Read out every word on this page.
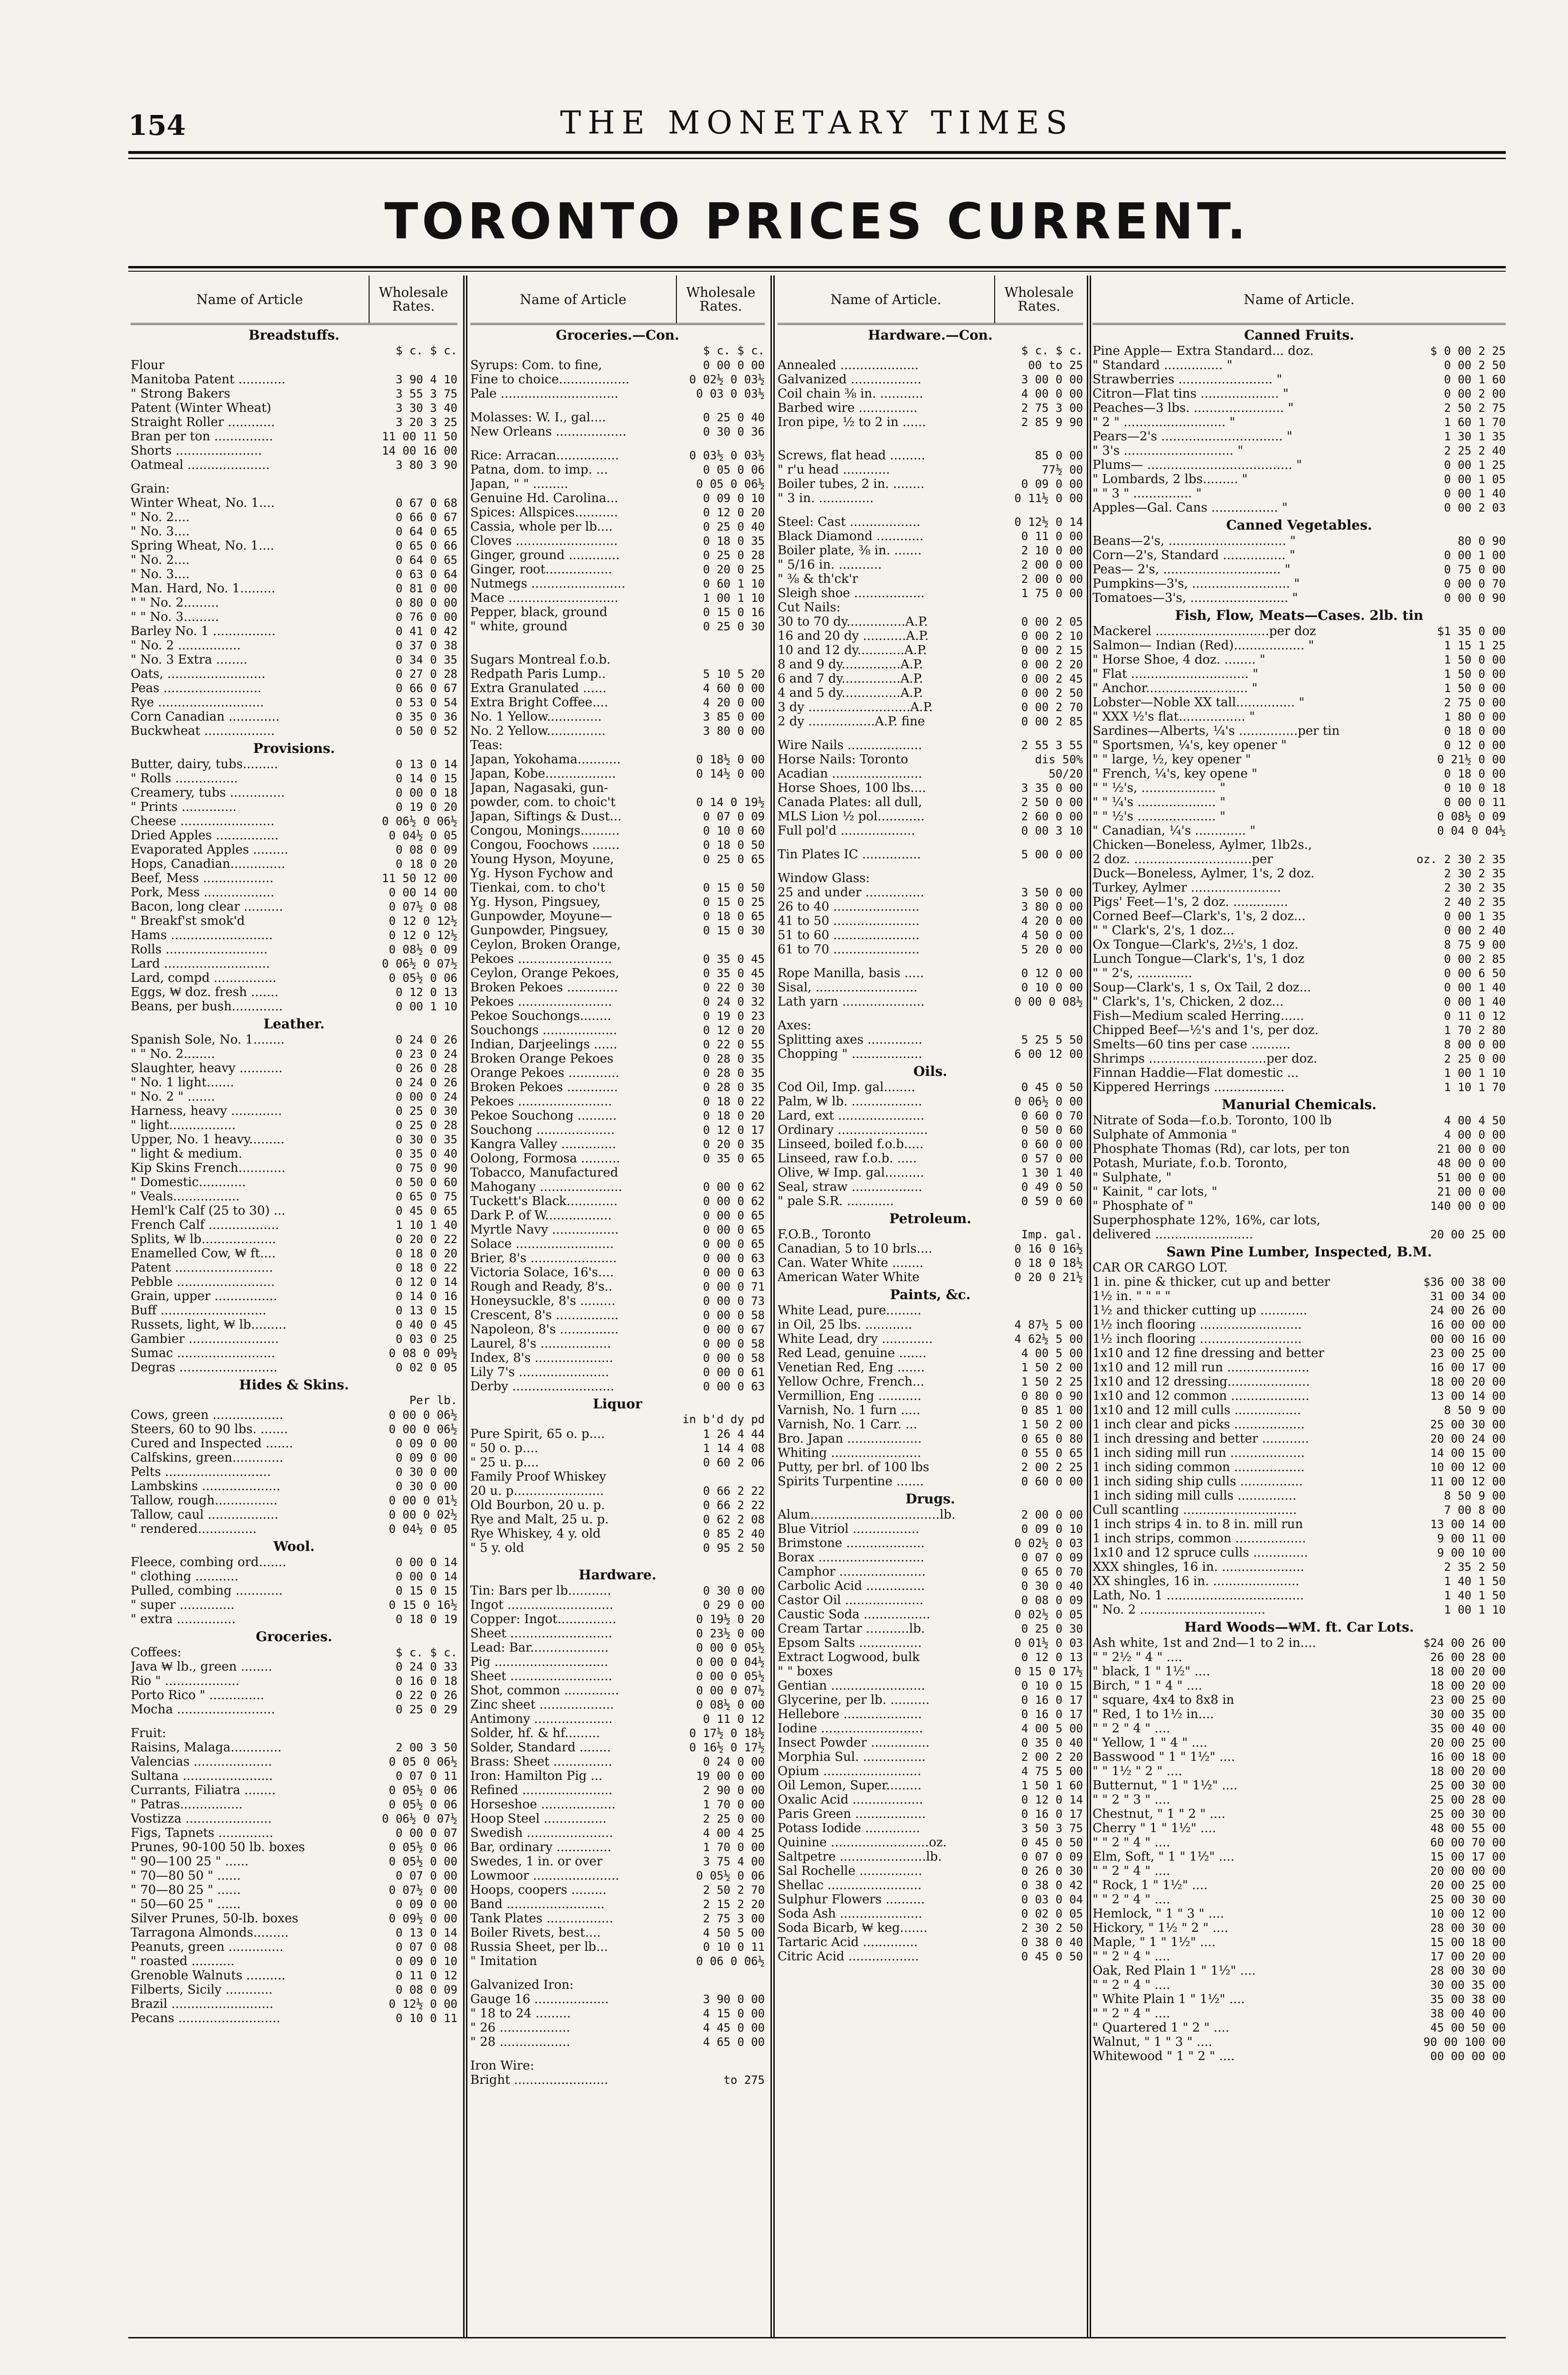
154	THE MONETARY TIMES
TORONTO PRICES CURRENT.
Name of Article	Wholesale Rates.
Breadstuffs.
$ c. $ c.
Flour
Manitoba Patent ............	3 90 4 10
" Strong Bakers	3 55 3 75
Patent (Winter Wheat)	3 30 3 40
Straight Roller ............	3 20 3 25
Bran per ton ...............	11 00 11 50
Shorts ......................	14 00 16 00
Oatmeal .....................	3 80 3 90
Grain:
Winter Wheat, No. 1....	0 67 0 68
" No. 2....	0 66 0 67
" No. 3....	0 64 0 65
Spring Wheat, No. 1....	0 65 0 66
" No. 2....	0 64 0 65
" No. 3....	0 63 0 64
Man. Hard, No. 1.........	0 81 0 00
" " No. 2.........	0 80 0 00
" " No. 3.........	0 76 0 00
Barley No. 1 ................	0 41 0 42
" No. 2 ................	0 37 0 38
" No. 3 Extra ........	0 34 0 35
Oats, .........................	0 27 0 28
Peas .........................	0 66 0 67
Rye ...........................	0 53 0 54
Corn Canadian .............	0 35 0 36
Buckwheat ..................	0 50 0 52
Provisions.
Butter, dairy, tubs.........	0 13 0 14
" Rolls ................	0 14 0 15
Creamery, tubs ..............	0 00 0 18
" Prints ..............	0 19 0 20
Cheese ........................	0 06½ 0 06½
Dried Apples ................	0 04½ 0 05
Evaporated Apples .........	0 08 0 09
Hops, Canadian..............	0 18 0 20
Beef, Mess ..................	11 50 12 00
Pork, Mess ..................	0 00 14 00
Bacon, long clear ..........	0 07½ 0 08
" Breakf'st smok'd	0 12 0 12½
Hams ..........................	0 12 0 12½
Rolls ..........................	0 08½ 0 09
Lard ...........................	0 06½ 0 07½
Lard, compd ................	0 05½ 0 06
Eggs, ₩ doz. fresh .......	0 12 0 13
Beans, per bush.............	0 00 1 10
Leather.
Spanish Sole, No. 1........	0 24 0 26
" " No. 2........	0 23 0 24
Slaughter, heavy ...........	0 26 0 28
" No. 1 light.......	0 24 0 26
" No. 2 " .......	0 00 0 24
Harness, heavy .............	0 25 0 30
" light.................	0 25 0 28
Upper, No. 1 heavy.........	0 30 0 35
" light & medium.	0 35 0 40
Kip Skins French............	0 75 0 90
" Domestic............	0 50 0 60
" Veals.................	0 65 0 75
Heml'k Calf (25 to 30) ...	0 45 0 65
French Calf ..................	1 10 1 40
Splits, ₩ lb...................	0 20 0 22
Enamelled Cow, ₩ ft....	0 18 0 20
Patent .........................	0 18 0 22
Pebble .........................	0 12 0 14
Grain, upper ................	0 14 0 16
Buff ...........................	0 13 0 15
Russets, light, ₩ lb.........	0 40 0 45
Gambier .......................	0 03 0 25
Sumac .........................	0 08 0 09½
Degras .........................	0 02 0 05
Hides & Skins.
Per lb.
Cows, green ..................	0 00 0 06½
Steers, 60 to 90 lbs. .......	0 00 0 06½
Cured and Inspected .......	0 09 0 00
Calfskins, green.............	0 09 0 00
Pelts ...........................	0 30 0 00
Lambskins ....................	0 30 0 00
Tallow, rough................	0 00 0 01½
Tallow, caul ..................	0 00 0 02½
" rendered...............	0 04½ 0 05
Wool.
Fleece, combing ord.......	0 00 0 14
" clothing ...........	0 00 0 14
Pulled, combing ............	0 15 0 15
" super ..............	0 15 0 16½
" extra ...............	0 18 0 19
Groceries.
Coffees:	$ c. $ c.
Java ₩ lb., green ........	0 24 0 33
Rio " ...................	0 16 0 18
Porto Rico " ..............	0 22 0 26
Mocha .........................	0 25 0 29
Fruit:
Raisins, Malaga.............	2 00 3 50
Valencias ....................	0 05 0 06½
Sultana .......................	0 07 0 11
Currants, Filiatra ........	0 05½ 0 06
" Patras................	0 05½ 0 06
Vostizza ......................	0 06½ 0 07½
Figs, Tapnets ..............	0 00 0 07
Prunes, 90-100 50 lb. boxes	0 05½ 0 06
" 90—100 25 " ......	0 05½ 0 00
" 70—80 50 " ......	0 07 0 00
" 70—80 25 " ......	0 07½ 0 00
" 50—60 25 " ......	0 09 0 00
Silver Prunes, 50-lb. boxes	0 09½ 0 00
Tarragona Almonds.........	0 13 0 14
Peanuts, green ..............	0 07 0 08
" roasted ...........	0 09 0 10
Grenoble Walnuts ..........	0 11 0 12
Filberts, Sicily ............	0 08 0 09
Brazil ..........................	0 12½ 0 00
Pecans ..........................	0 10 0 11
Name of Article	Wholesale Rates.
Groceries.—Con.
$ c. $ c.
Syrups: Com. to fine,	0 00 0 00
Fine to choice..................	0 02½ 0 03½
Pale ..............................	0 03 0 03½
Molasses: W. I., gal....	0 25 0 40
New Orleans ..................	0 30 0 36
Rice: Arracan................	0 03½ 0 03½
Patna, dom. to imp. ...	0 05 0 06
Japan, " " .........	0 05 0 06½
Genuine Hd. Carolina...	0 09 0 10
Spices: Allspices...........	0 12 0 20
Cassia, whole per lb....	0 25 0 40
Cloves ..........................	0 18 0 35
Ginger, ground .............	0 25 0 28
Ginger, root.................	0 20 0 25
Nutmegs ........................	0 60 1 10
Mace ............................	1 00 1 10
Pepper, black, ground	0 15 0 16
" white, ground	0 25 0 30
Sugars Montreal f.o.b.
Redpath Paris Lump..	5 10 5 20
Extra Granulated ......	4 60 0 00
Extra Bright Coffee....	4 20 0 00
No. 1 Yellow..............	3 85 0 00
No. 2 Yellow...............	3 80 0 00
Teas:
Japan, Yokohama...........	0 18½ 0 00
Japan, Kobe..................	0 14½ 0 00
Japan, Nagasaki, gun-
powder, com. to choic't	0 14 0 19½
Japan, Siftings & Dust...	0 07 0 09
Congou, Monings..........	0 10 0 60
Congou, Foochows .......	0 18 0 50
Young Hyson, Moyune,	0 25 0 65
Yg. Hyson Fychow and
Tienkai, com. to cho't	0 15 0 50
Yg. Hyson, Pingsuey,	0 15 0 25
Gunpowder, Moyune—	0 18 0 65
Gunpowder, Pingsuey,	0 15 0 30
Ceylon, Broken Orange,
Pekoes ........................	0 35 0 45
Ceylon, Orange Pekoes,	0 35 0 45
Broken Pekoes .............	0 22 0 30
Pekoes ........................	0 24 0 32
Pekoe Souchongs........	0 19 0 23
Souchongs ...................	0 12 0 20
Indian, Darjeelings ......	0 22 0 55
Broken Orange Pekoes	0 28 0 35
Orange Pekoes .............	0 28 0 35
Broken Pekoes .............	0 28 0 35
Pekoes ........................	0 18 0 22
Pekoe Souchong ..........	0 18 0 20
Souchong ....................	0 12 0 17
Kangra Valley ..............	0 20 0 35
Oolong, Formosa ..........	0 35 0 65
Tobacco, Manufactured
Mahogany .....................	0 00 0 62
Tuckett's Black.............	0 00 0 62
Dark P. of W.................	0 00 0 65
Myrtle Navy .................	0 00 0 65
Solace .........................	0 00 0 65
Brier, 8's ......................	0 00 0 63
Victoria Solace, 16's....	0 00 0 63
Rough and Ready, 8's..	0 00 0 71
Honeysuckle, 8's .........	0 00 0 73
Crescent, 8's ................	0 00 0 58
Napoleon, 8's ...............	0 00 0 67
Laurel, 8's ..................	0 00 0 58
Index, 8's ....................	0 00 0 58
Lily 7's .......................	0 00 0 61
Derby ..........................	0 00 0 63
Liquor
in b'd dy pd
Pure Spirit, 65 o. p....	1 26 4 44
" 50 o. p....	1 14 4 08
" 25 u. p....	0 60 2 06
Family Proof Whiskey
20 u. p.......................	0 66 2 22
Old Bourbon, 20 u. p.	0 66 2 22
Rye and Malt, 25 u. p.	0 62 2 08
Rye Whiskey, 4 y. old	0 85 2 40
" 5 y. old	0 95 2 50
Hardware.
Tin: Bars per lb...........	0 30 0 00
Ingot ...........................	0 29 0 00
Copper: Ingot...............	0 19½ 0 20
Sheet ..........................	0 23½ 0 00
Lead: Bar....................	0 00 0 05½
Pig .............................	0 00 0 04½
Sheet ..........................	0 00 0 05½
Shot, common ..............	0 00 0 07½
Zinc sheet ...................	0 08½ 0 00
Antimony ....................	0 11 0 12
Solder, hf. & hf.........	0 17½ 0 18½
Solder, Standard ........	0 16½ 0 17½
Brass: Sheet ...............	0 24 0 00
Iron: Hamilton Pig ...	19 00 0 00
Refined .......................	2 90 0 00
Horseshoe ...................	1 70 0 00
Hoop Steel ................	2 25 0 00
Swedish ......................	4 00 4 25
Bar, ordinary ..............	1 70 0 00
Swedes, 1 in. or over	3 75 4 00
Lowmoor ......................	0 05½ 0 06
Hoops, coopers .........	2 50 2 70
Band .........................	2 15 2 20
Tank Plates .................	2 75 3 00
Boiler Rivets, best....	4 50 5 00
Russia Sheet, per lb...	0 10 0 11
" Imitation	0 06 0 06½
Galvanized Iron:
Gauge 16 ...................	3 90 0 00
" 18 to 24 .........	4 15 0 00
" 26 ..................	4 45 0 00
" 28 ..................	4 65 0 00
Iron Wire:
Bright ........................	to 275
Name of Article.	Wholesale Rates.
Hardware.—Con.
$ c. $ c.
Annealed ....................	00 to 25
Galvanized ..................	3 00 0 00
Coil chain ⅜ in. ...........	4 00 0 00
Barbed wire ...............	2 75 3 00
Iron pipe, ½ to 2 in ......	2 85 9 90
Screws, flat head .........	85 0 00
" r'u head ............	77½ 00
Boiler tubes, 2 in. ........	0 09 0 00
" 3 in. ..............	0 11½ 0 00
Steel: Cast ..................	0 12½ 0 14
Black Diamond ............	0 11 0 00
Boiler plate, ⅜ in. .......	2 10 0 00
" 5/16 in. ...........	2 00 0 00
" ⅜ & th'ck'r	2 00 0 00
Sleigh shoe ..................	1 75 0 00
Cut Nails:
30 to 70 dy...............A.P.	0 00 2 05
16 and 20 dy ...........A.P.	0 00 2 10
10 and 12 dy............A.P.	0 00 2 15
8 and 9 dy...............A.P.	0 00 2 20
6 and 7 dy...............A.P.	0 00 2 45
4 and 5 dy...............A.P.	0 00 2 50
3 dy ..........................A.P.	0 00 2 70
2 dy .................A.P. fine	0 00 2 85
Wire Nails ...................	2 55 3 55
Horse Nails: Toronto	dis 50%
Acadian .......................	50/20
Horse Shoes, 100 lbs....	3 35 0 00
Canada Plates: all dull,	2 50 0 00
MLS Lion ½ pol............	2 60 0 00
Full pol'd ...................	0 00 3 10
Tin Plates IC ...............	5 00 0 00
Window Glass:
25 and under ...............	3 50 0 00
26 to 40 ......................	3 80 0 00
41 to 50 ......................	4 20 0 00
51 to 60 ......................	4 50 0 00
61 to 70 ......................	5 20 0 00
Rope Manilla, basis .....	0 12 0 00
Sisal, ..........................	0 10 0 00
Lath yarn .....................	0 00 0 08½
Axes:
Splitting axes ..............	5 25 5 50
Chopping " ..................	6 00 12 00
Oils.
Cod Oil, Imp. gal........	0 45 0 50
Palm, ₩ lb. ..................	0 06½ 0 00
Lard, ext ......................	0 60 0 70
Ordinary .......................	0 50 0 60
Linseed, boiled f.o.b.....	0 60 0 00
Linseed, raw f.o.b. .....	0 57 0 00
Olive, ₩ Imp. gal..........	1 30 1 40
Seal, straw ..................	0 49 0 50
" pale S.R. ............	0 59 0 60
Petroleum.
F.O.B., Toronto	Imp. gal.
Canadian, 5 to 10 brls....	0 16 0 16½
Can. Water White ........	0 18 0 18½
American Water White	0 20 0 21½
Paints, &c.
White Lead, pure.........
in Oil, 25 lbs. ............	4 87½ 5 00
White Lead, dry .............	4 62½ 5 00
Red Lead, genuine .......	4 00 5 00
Venetian Red, Eng .......	1 50 2 00
Yellow Ochre, French...	1 50 2 25
Vermillion, Eng ...........	0 80 0 90
Varnish, No. 1 furn .....	0 85 1 00
Varnish, No. 1 Carr. ...	1 50 2 00
Bro. Japan ...................	0 65 0 80
Whiting .......................	0 55 0 65
Putty, per brl. of 100 lbs	2 00 2 25
Spirits Turpentine .......	0 60 0 00
Drugs.
Alum.................................lb.	2 00 0 00
Blue Vitriol .................	0 09 0 10
Brimstone ....................	0 02½ 0 03
Borax ...........................	0 07 0 09
Camphor ......................	0 65 0 70
Carbolic Acid ...............	0 30 0 40
Castor Oil ....................	0 08 0 09
Caustic Soda .................	0 02½ 0 05
Cream Tartar ...........lb.	0 25 0 30
Epsom Salts ................	0 01½ 0 03
Extract Logwood, bulk	0 12 0 13
" " boxes	0 15 0 17½
Gentian ........................	0 10 0 15
Glycerine, per lb. ..........	0 16 0 17
Hellebore ....................	0 16 0 17
Iodine ..........................	4 00 5 00
Insect Powder ...............	0 35 0 40
Morphia Sul. ................	2 00 2 20
Opium .........................	4 75 5 00
Oil Lemon, Super.........	1 50 1 60
Oxalic Acid ..................	0 12 0 14
Paris Green ..................	0 16 0 17
Potass Iodide ..............	3 50 3 75
Quinine .........................oz.	0 45 0 50
Saltpetre ......................lb.	0 07 0 09
Sal Rochelle ................	0 26 0 30
Shellac ........................	0 38 0 42
Sulphur Flowers ..........	0 03 0 04
Soda Ash .....................	0 02 0 05
Soda Bicarb, ₩ keg.......	2 30 2 50
Tartaric Acid ..............	0 38 0 40
Citric Acid ..................	0 45 0 50
Name of Article.
Canned Fruits.
Pine Apple— Extra Standard... doz.	$ 0 00 2 25
" Standard ............... "	0 00 2 50
Strawberries ........................ "	0 00 1 60
Citron—Flat tins .................... "	0 00 2 00
Peaches—3 lbs. ....................... "	2 50 2 75
" 2 " .......................... "	1 60 1 70
Pears—2's ............................... "	1 30 1 35
" 3's ............................ "	2 25 2 40
Plums— ..................................... "	0 00 1 25
" Lombards, 2 lbs......... "	0 00 1 05
" " 3 " ............... "	0 00 1 40
Apples—Gal. Cans ................. "	0 00 2 03
Canned Vegetables.
Beans—2's, .............................. "	80 0 90
Corn—2's, Standard ................ "	0 00 1 00
Peas— 2's, .............................. "	0 75 0 00
Pumpkins—3's, ......................... "	0 00 0 70
Tomatoes—3's, ......................... "	0 00 0 90
Fish, Flow, Meats—Cases. 2lb. tin
Mackerel .............................per doz	$1 35 0 00
Salmon— Indian (Red).................. "	1 15 1 25
" Horse Shoe, 4 doz. ........ "	1 50 0 00
" Flat .............................. "	1 50 0 00
" Anchor.......................... "	1 50 0 00
Lobster—Noble XX tall............... "	2 75 0 00
" XXX ½'s flat................. "	1 80 0 00
Sardines—Alberts, ¼'s ...............per tin	0 18 0 00
" Sportsmen, ¼'s, key opener "	0 12 0 00
" " large, ½, key opener "	0 21½ 0 00
" French, ¼'s, key opene "	0 18 0 00
" " ½'s, ................... "	0 10 0 18
" " ¼'s .................... "	0 00 0 11
" " ½'s .................... "	0 08½ 0 09
" Canadian, ¼'s ............. "	0 04 0 04½
Chicken—Boneless, Aylmer, 1lb2s.,
2 doz. ..............................per	oz. 2 30 2 35
Duck—Boneless, Aylmer, 1's, 2 doz.	2 30 2 35
Turkey, Aylmer .......................	2 30 2 35
Pigs' Feet—1's, 2 doz. ..............	2 40 2 35
Corned Beef—Clark's, 1's, 2 doz...	0 00 1 35
" " Clark's, 2's, 1 doz...	0 00 2 40
Ox Tongue—Clark's, 2½'s, 1 doz.	8 75 9 00
Lunch Tongue—Clark's, 1's, 1 doz	0 00 2 85
" " 2's, ..............	0 00 6 50
Soup—Clark's, 1 s, Ox Tail, 2 doz...	0 00 1 40
" Clark's, 1's, Chicken, 2 doz...	0 00 1 40
Fish—Medium scaled Herring......	0 11 0 12
Chipped Beef—½'s and 1's, per doz.	1 70 2 80
Smelts—60 tins per case ..........	8 00 0 00
Shrimps ..............................per doz.	2 25 0 00
Finnan Haddie—Flat domestic ...	1 00 1 10
Kippered Herrings ..................	1 10 1 70
Manurial Chemicals.
Nitrate of Soda—f.o.b. Toronto, 100 lb	4 00 4 50
Sulphate of Ammonia "	4 00 0 00
Phosphate Thomas (Rd), car lots, per ton	21 00 0 00
Potash, Muriate, f.o.b. Toronto,	48 00 0 00
" Sulphate, "	51 00 0 00
" Kainit, " car lots, "	21 00 0 00
" Phosphate of "	140 00 0 00
Superphosphate 12%, 16%, car lots,
delivered .........................	20 00 25 00
Sawn Pine Lumber, Inspected, B.M.
CAR OR CARGO LOT.
1 in. pine & thicker, cut up and better	$36 00 38 00
1½ in. " " " "	31 00 34 00
1½ and thicker cutting up ............	24 00 26 00
1½ inch flooring ..........................	16 00 00 00
1½ inch flooring ..........................	00 00 16 00
1x10 and 12 fine dressing and better	23 00 25 00
1x10 and 12 mill run .....................	16 00 17 00
1x10 and 12 dressing.....................	18 00 20 00
1x10 and 12 common ....................	13 00 14 00
1x10 and 12 mill culls .................	8 50 9 00
1 inch clear and picks ..................	25 00 30 00
1 inch dressing and better ............	20 00 24 00
1 inch siding mill run ...................	14 00 15 00
1 inch siding common ..................	10 00 12 00
1 inch siding ship culls ................	11 00 12 00
1 inch siding mill culls ...............	8 50 9 00
Cull scantling .............................	7 00 8 00
1 inch strips 4 in. to 8 in. mill run	13 00 14 00
1 inch strips, common ..................	9 00 11 00
1x10 and 12 spruce culls ..............	9 00 10 00
XXX shingles, 16 in. .....................	2 35 2 50
XX shingles, 16 in. ......................	1 40 1 50
Lath, No. 1 ...................................	1 40 1 50
" No. 2 ................................	1 00 1 10
Hard Woods—₩M. ft. Car Lots.
Ash white, 1st and 2nd—1 to 2 in....	$24 00 26 00
" " 2½ " 4 " ....	26 00 28 00
" black, 1 " 1½" ....	18 00 20 00
Birch, " 1 " 4 " ....	18 00 20 00
" square, 4x4 to 8x8 in	23 00 25 00
" Red, 1 to 1½ in....	30 00 35 00
" " 2 " 4 " ....	35 00 40 00
" Yellow, 1 " 4 " ....	20 00 25 00
Basswood " 1 " 1½" ....	16 00 18 00
" " 1½ " 2 " ....	18 00 20 00
Butternut, " 1 " 1½" ....	25 00 30 00
" " 2 " 3 " ....	25 00 28 00
Chestnut, " 1 " 2 " ....	25 00 30 00
Cherry " 1 " 1½" ....	48 00 55 00
" " 2 " 4 " ....	60 00 70 00
Elm, Soft, " 1 " 1½" ....	15 00 17 00
" " 2 " 4 " ....	20 00 00 00
" Rock, 1 " 1½" ....	20 00 25 00
" " 2 " 4 " ....	25 00 30 00
Hemlock, " 1 " 3 " ....	10 00 12 00
Hickory, " 1½ " 2 " ....	28 00 30 00
Maple, " 1 " 1½" ....	15 00 18 00
" " 2 " 4 " ....	17 00 20 00
Oak, Red Plain 1 " 1½" ....	28 00 30 00
" " 2 " 4 " ....	30 00 35 00
" White Plain 1 " 1½" ....	35 00 38 00
" " 2 " 4 " ....	38 00 40 00
" Quartered 1 " 2 " ....	45 00 50 00
Walnut, " 1 " 3 " ....	90 00 100 00
Whitewood " 1 " 2 " ....	00 00 00 00
